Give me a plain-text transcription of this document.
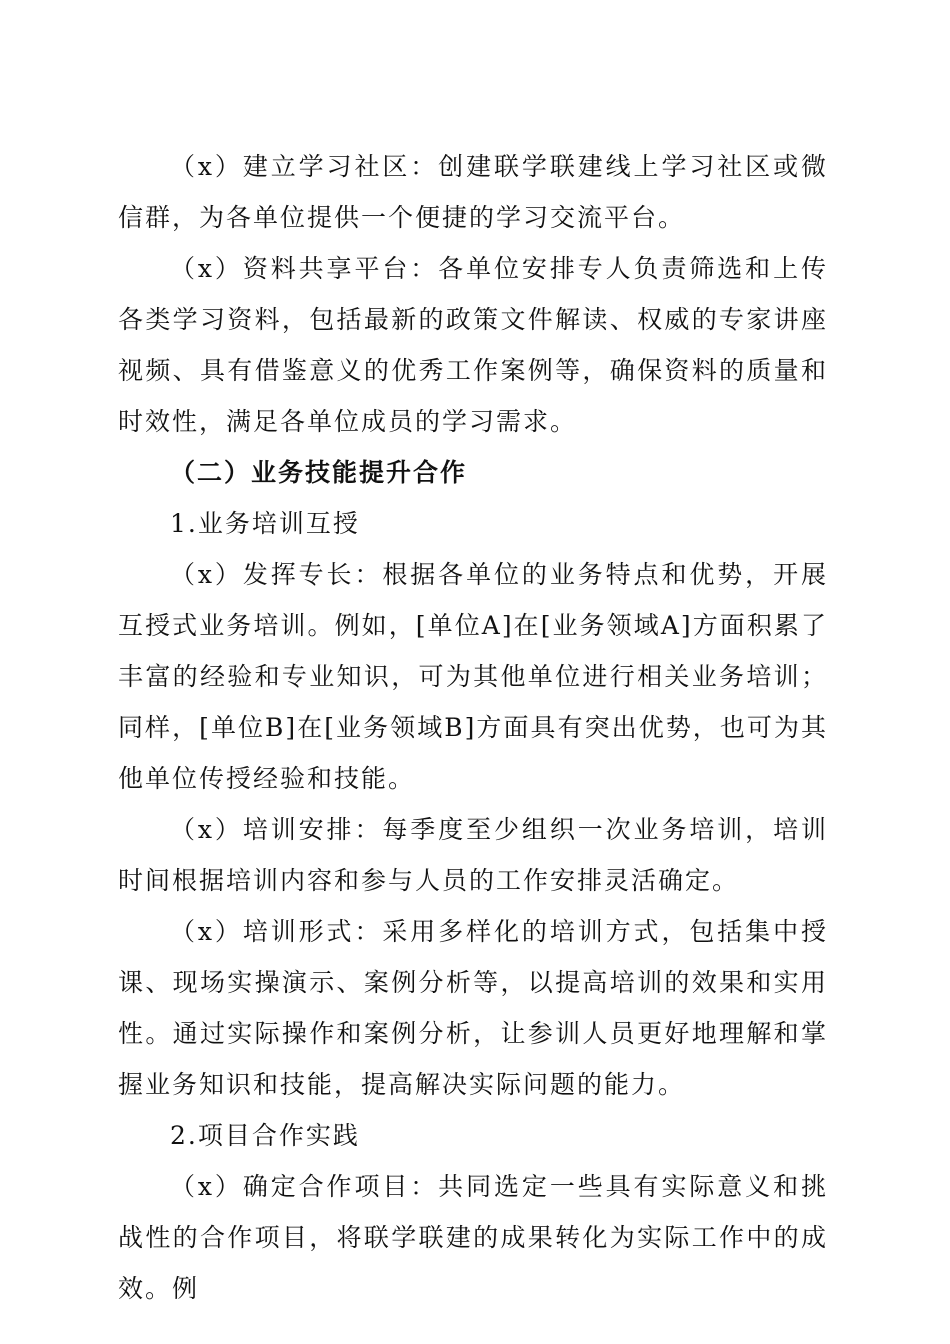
（x）建立学习社区：创建联学联建线上学习社区或微信群，为各单位提供一个便捷的学习交流平台。

（x）资料共享平台：各单位安排专人负责筛选和上传各类学习资料，包括最新的政策文件解读、权威的专家讲座视频、具有借鉴意义的优秀工作案例等，确保资料的质量和时效性，满足各单位成员的学习需求。

（二）业务技能提升合作

1.业务培训互授

（x）发挥专长：根据各单位的业务特点和优势，开展互授式业务培训。例如，[单位A]在[业务领域A]方面积累了丰富的经验和专业知识，可为其他单位进行相关业务培训；同样，[单位B]在[业务领域B]方面具有突出优势，也可为其他单位传授经验和技能。

（x）培训安排：每季度至少组织一次业务培训，培训时间根据培训内容和参与人员的工作安排灵活确定。

（x）培训形式：采用多样化的培训方式，包括集中授课、现场实操演示、案例分析等，以提高培训的效果和实用性。通过实际操作和案例分析，让参训人员更好地理解和掌握业务知识和技能，提高解决实际问题的能力。

2.项目合作实践

（x）确定合作项目：共同选定一些具有实际意义和挑战性的合作项目，将联学联建的成果转化为实际工作中的成效。例
